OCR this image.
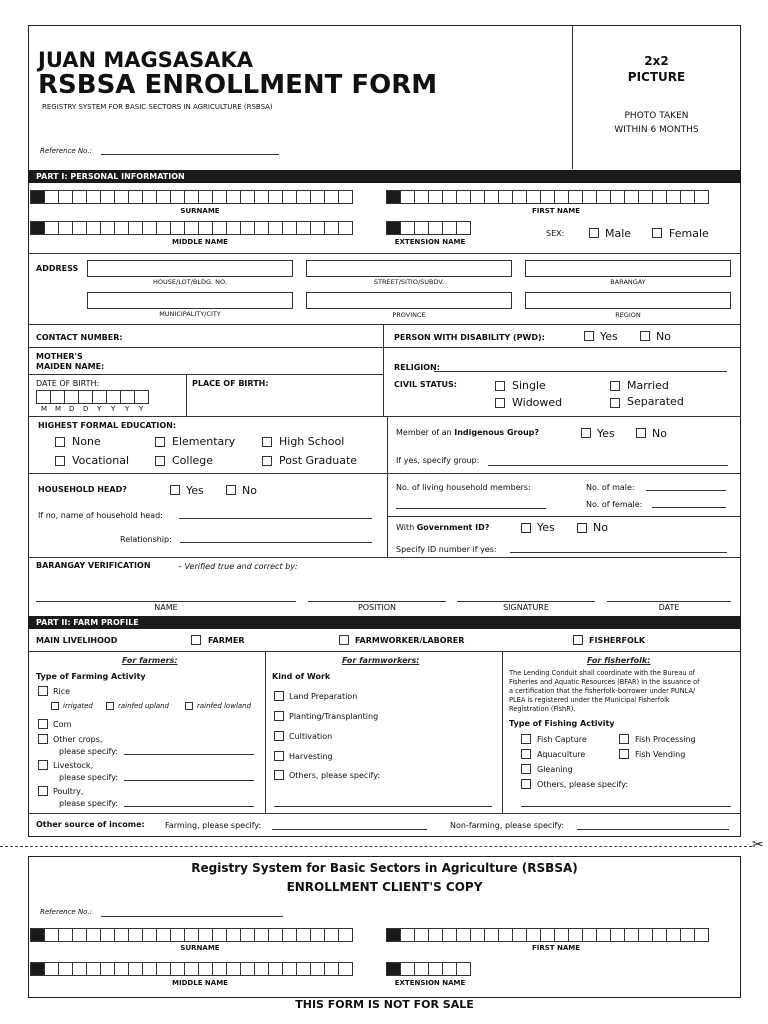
JUAN MAGSASAKA
RSBSA ENROLLMENT FORM
REGISTRY SYSTEM FOR BASIC SECTORS IN AGRICULTURE (RSBSA)
Reference No.:
2x2
PICTURE
PHOTO TAKEN
WITHIN 6 MONTHS
PART I: PERSONAL INFORMATION
SURNAME	FIRST NAME
MIDDLE NAME	EXTENSION NAME
SEX:	Male	Female
ADDRESS
HOUSE/LOT/BLDG. NO.	STREET/SITIO/SUBDV.	BARANGAY
MUNICIPALITY/CITY	PROVINCE	REGION
CONTACT NUMBER:	PERSON WITH DISABILITY (PWD):	Yes	No
MOTHER'S
MAIDEN NAME:	RELIGION:
DATE OF BIRTH:
M M D D Y Y Y Y
PLACE OF BIRTH:	CIVIL STATUS:	Single	Married
Widowed	Separated
HIGHEST FORMAL EDUCATION:
None	Elementary	High School
Vocational	College	Post Graduate
Member of an Indigenous Group?	Yes	No
If yes, specify group:
HOUSEHOLD HEAD?	Yes	No
If no, name of household head:
Relationship:
No. of living household members:	No. of male:
No. of female:
With Government ID?	Yes	No
Specify ID number if yes:
BARANGAY VERIFICATION	– Verified true and correct by:
NAME	POSITION	SIGNATURE	DATE
PART II: FARM PROFILE
MAIN LIVELIHOOD	FARMER	FARMWORKER/LABORER	FISHERFOLK
For farmers:
Type of Farming Activity
Rice
irrigated	rainfed upland	rainfed lowland
Corn
Other crops,
please specify:
Livestock,
please specify:
Poultry,
please specify:
For farmworkers:
Kind of Work
Land Preparation
Planting/Transplanting
Cultivation
Harvesting
Others, please specify:
For fisherfolk:
The Lending Conduit shall coordinate with the Bureau of
Fisheries and Aquatic Resources (BFAR) in the issuance of
a certification that the fisherfolk-borrower under PUNLA/
PLEA is registered under the Municipal Fisherfolk
Registration (FishR).
Type of Fishing Activity
Fish Capture	Fish Processing
Aquaculture	Fish Vending
Gleaning
Others, please specify:
Other source of income:	Farming, please specify:	Non-farming, please specify:
✂
Registry System for Basic Sectors in Agriculture (RSBSA)
ENROLLMENT CLIENT'S COPY
Reference No.:
SURNAME	FIRST NAME
MIDDLE NAME	EXTENSION NAME
THIS FORM IS NOT FOR SALE
